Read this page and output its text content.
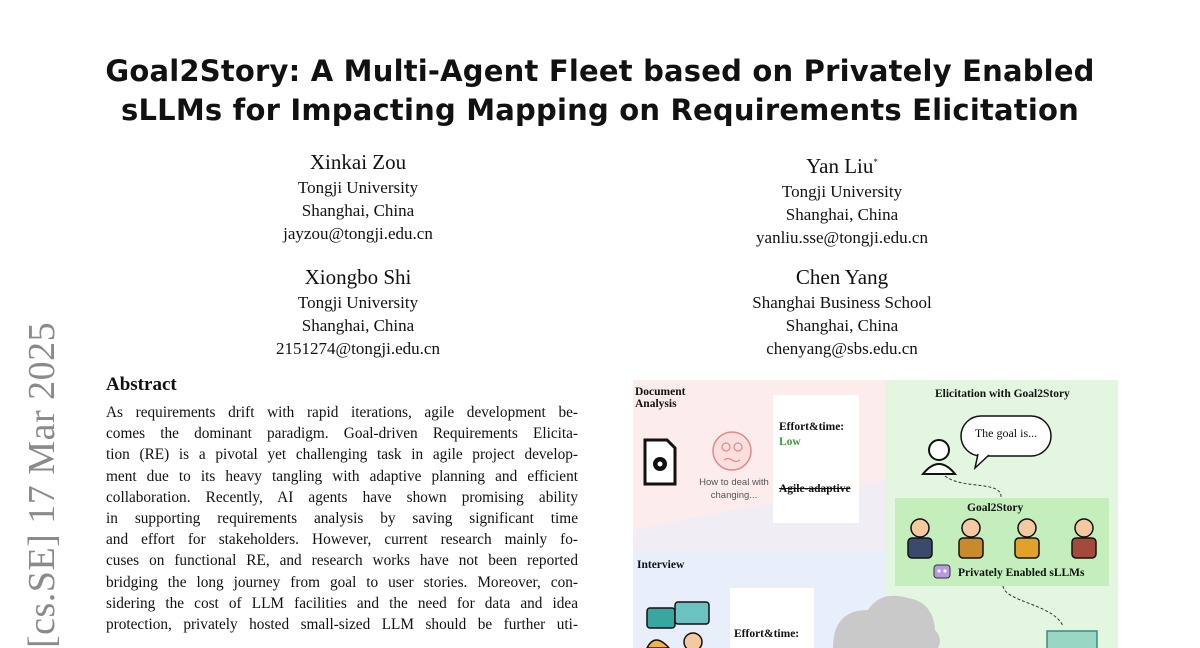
Goal2Story: A Multi-Agent Fleet based on Privately Enabled
sLLMs for Impacting Mapping on Requirements Elicitation
Xinkai Zou
Tongji University
Shanghai, China
jayzou@tongji.edu.cn
Yan Liu*
Tongji University
Shanghai, China
yanliu.sse@tongji.edu.cn
Xiongbo Shi
Tongji University
Shanghai, China
2151274@tongji.edu.cn
Chen Yang
Shanghai Business School
Shanghai, China
chenyang@sbs.edu.cn
[cs.SE] 17 Mar 2025 Abstract
As requirements drift with rapid iterations, agile development be-
comes the dominant paradigm. Goal-driven Requirements Elicita-
tion (RE) is a pivotal yet challenging task in agile project develop-
ment due to its heavy tangling with adaptive planning and efficient
collaboration. Recently, AI agents have shown promising ability
in supporting requirements analysis by saving significant time
and effort for stakeholders. However, current research mainly fo-
cuses on functional RE, and research works have not been reported
bridging the long journey from goal to user stories. Moreover, con-
sidering the cost of LLM facilities and the need for data and idea
protection, privately hosted small-sized LLM should be further uti-
Document
Analysis
Effort&time:
Low
Agile-adaptive
How to deal with
changing...
Interview
Effort&time:
Elicitation with Goal2Story
The goal is...
Goal2Story
Privately Enabled sLLMs
